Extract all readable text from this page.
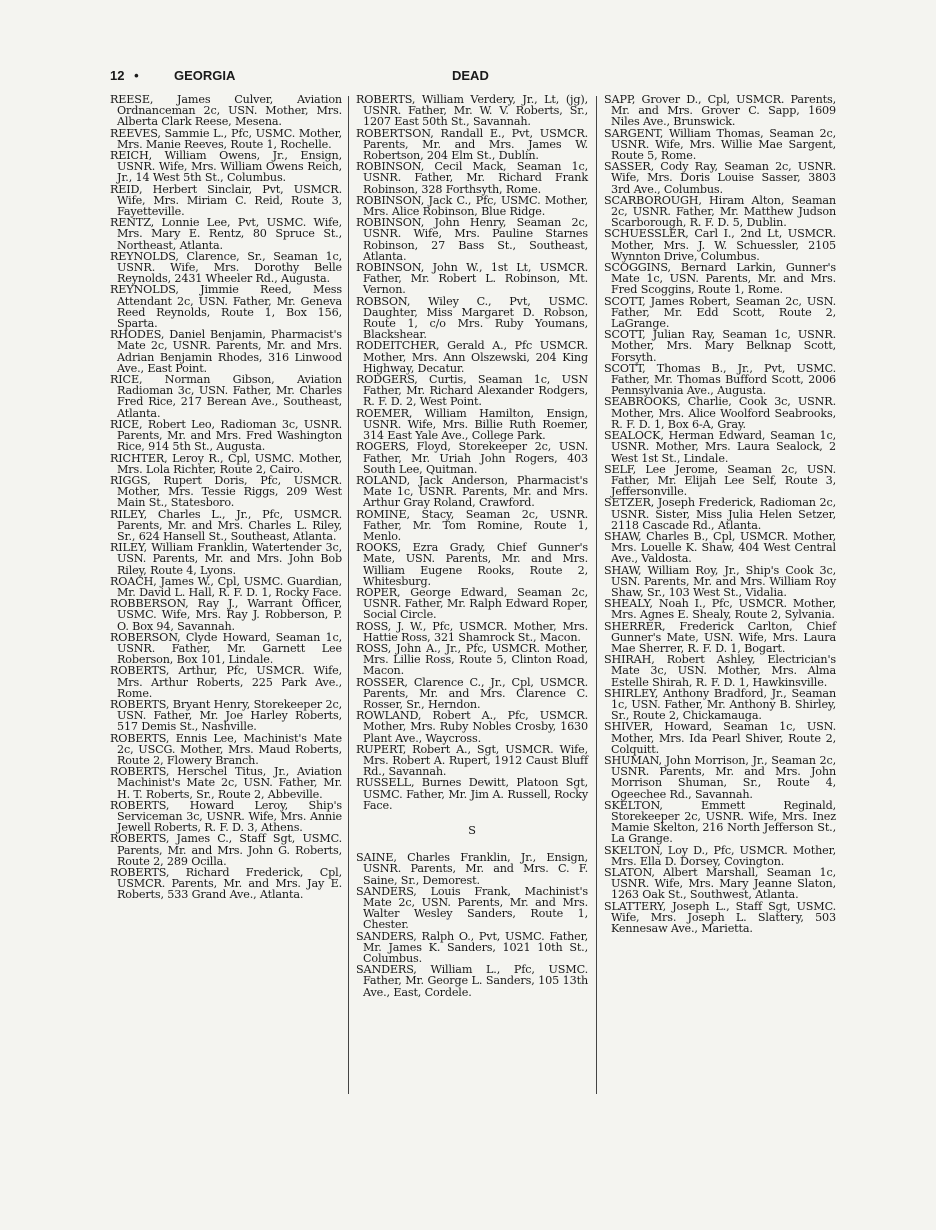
12 •	GEORGIA	DEAD

REESE, James Culver, Aviation Ordnanceman 2c, USN. Mother, Mrs. Alberta Clark Reese, Mesena.

REEVES, Sammie L., Pfc, USMC. Mother, Mrs. Manie Reeves, Route 1, Rochelle.

REICH, William Owens, Jr., Ensign, USNR. Wife, Mrs. William Owens Reich, Jr., 14 West 5th St., Columbus.

REID, Herbert Sinclair, Pvt, USMCR. Wife, Mrs. Miriam C. Reid, Route 3, Fayetteville.

RENTZ, Lonnie Lee, Pvt, USMC. Wife, Mrs. Mary E. Rentz, 80 Spruce St., Northeast, Atlanta.

REYNOLDS, Clarence, Sr., Seaman 1c, USNR. Wife, Mrs. Dorothy Belle Reynolds, 2431 Wheeler Rd., Augusta.

REYNOLDS, Jimmie Reed, Mess Attendant 2c, USN. Father, Mr. Geneva Reed Reynolds, Route 1, Box 156, Sparta.

RHODES, Daniel Benjamin, Pharmacist's Mate 2c, USNR. Parents, Mr. and Mrs. Adrian Benjamin Rhodes, 316 Linwood Ave., East Point.

RICE, Norman Gibson, Aviation Radioman 3c, USN. Father, Mr. Charles Fred Rice, 217 Berean Ave., Southeast, Atlanta.

RICE, Robert Leo, Radioman 3c, USNR. Parents, Mr. and Mrs. Fred Washington Rice, 914 5th St., Augusta.

RICHTER, Leroy R., Cpl, USMC. Mother, Mrs. Lola Richter, Route 2, Cairo.

RIGGS, Rupert Doris, Pfc, USMCR. Mother, Mrs. Tessie Riggs, 209 West Main St., Statesboro.

RILEY, Charles L., Jr., Pfc, USMCR. Parents, Mr. and Mrs. Charles L. Riley, Sr., 624 Hansell St., Southeast, Atlanta.

RILEY, William Franklin, Watertender 3c, USN. Parents, Mr. and Mrs. John Bob Riley, Route 4, Lyons.

ROACH, James W., Cpl, USMC. Guardian, Mr. David L. Hall, R. F. D. 1, Rocky Face.

ROBBERSON, Ray J., Warrant Officer, USMC. Wife, Mrs. Ray J. Robberson, P. O. Box 94, Savannah.

ROBERSON, Clyde Howard, Seaman 1c, USNR. Father, Mr. Garnett Lee Roberson, Box 101, Lindale.

ROBERTS, Arthur, Pfc, USMCR. Wife, Mrs. Arthur Roberts, 225 Park Ave., Rome.

ROBERTS, Bryant Henry, Storekeeper 2c, USN. Father, Mr. Joe Harley Roberts, 517 Demis St., Nashville.

ROBERTS, Ennis Lee, Machinist's Mate 2c, USCG. Mother, Mrs. Maud Roberts, Route 2, Flowery Branch.

ROBERTS, Herschel Titus, Jr., Aviation Machinist's Mate 2c, USN. Father, Mr. H. T. Roberts, Sr., Route 2, Abbeville.

ROBERTS, Howard Leroy, Ship's Serviceman 3c, USNR. Wife, Mrs. Annie Jewell Roberts, R. F. D. 3, Athens.

ROBERTS, James C., Staff Sgt, USMC. Parents, Mr. and Mrs. John G. Roberts, Route 2, 289 Ocilla.

ROBERTS, Richard Frederick, Cpl, USMCR. Parents, Mr. and Mrs. Jay E. Roberts, 533 Grand Ave., Atlanta.

ROBERTS, William Verdery, Jr., Lt, (jg), USNR. Father, Mr. W. V. Roberts, Sr., 1207 East 50th St., Savannah.

ROBERTSON, Randall E., Pvt, USMCR. Parents, Mr. and Mrs. James W. Robertson, 204 Elm St., Dublin.

ROBINSON, Cecil Mack, Seaman 1c, USNR. Father, Mr. Richard Frank Robinson, 328 Forthsyth, Rome.

ROBINSON, Jack C., Pfc, USMC. Mother, Mrs. Alice Robinson, Blue Ridge.

ROBINSON, John Henry, Seaman 2c, USNR. Wife, Mrs. Pauline Starnes Robinson, 27 Bass St., Southeast, Atlanta.

ROBINSON, John W., 1st Lt, USMCR. Father, Mr. Robert L. Robinson, Mt. Vernon.

ROBSON, Wiley C., Pvt, USMC. Daughter, Miss Margaret D. Robson, Route 1, c/o Mrs. Ruby Youmans, Blackshear.

RODEITCHER, Gerald A., Pfc USMCR. Mother, Mrs. Ann Olszewski, 204 King Highway, Decatur.

RODGERS, Curtis, Seaman 1c, USN Father, Mr. Richard Alexander Rodgers, R. F. D. 2, West Point.

ROEMER, William Hamilton, Ensign, USNR. Wife, Mrs. Billie Ruth Roemer, 314 East Yale Ave., College Park.

ROGERS, Floyd, Storekeeper 2c, USN. Father, Mr. Uriah John Rogers, 403 South Lee, Quitman.

ROLAND, Jack Anderson, Pharmacist's Mate 1c, USNR. Parents, Mr. and Mrs. Arthur Gray Roland, Crawford.

ROMINE, Stacy, Seaman 2c, USNR. Father, Mr. Tom Romine, Route 1, Menlo.

ROOKS, Ezra Grady, Chief Gunner's Mate, USN. Parents, Mr. and Mrs. William Eugene Rooks, Route 2, Whitesburg.

ROPER, George Edward, Seaman 2c, USNR. Father, Mr. Ralph Edward Roper, Social Circle.

ROSS, J. W., Pfc, USMCR. Mother, Mrs. Hattie Ross, 321 Shamrock St., Macon.

ROSS, John A., Jr., Pfc, USMCR. Mother, Mrs. Lillie Ross, Route 5, Clinton Road, Macon.

ROSSER, Clarence C., Jr., Cpl, USMCR. Parents, Mr. and Mrs. Clarence C. Rosser, Sr., Herndon.

ROWLAND, Robert A., Pfc, USMCR. Mother, Mrs. Ruby Nobles Crosby, 1630 Plant Ave., Waycross.

RUPERT, Robert A., Sgt, USMCR. Wife, Mrs. Robert A. Rupert, 1912 Caust Bluff Rd., Savannah.

RUSSELL, Burnes Dewitt, Platoon Sgt, USMC. Father, Mr. Jim A. Russell, Rocky Face.

S

SAINE, Charles Franklin, Jr., Ensign, USNR. Parents, Mr. and Mrs. C. F. Saine, Sr., Demorest.

SANDERS, Louis Frank, Machinist's Mate 2c, USN. Parents, Mr. and Mrs. Walter Wesley Sanders, Route 1, Chester.

SANDERS, Ralph O., Pvt, USMC. Father, Mr. James K. Sanders, 1021 10th St., Columbus.

SANDERS, William L., Pfc, USMC. Father, Mr. George L. Sanders, 105 13th Ave., East, Cordele.

SAPP, Grover D., Cpl, USMCR. Parents, Mr. and Mrs. Grover C. Sapp, 1609 Niles Ave., Brunswick.

SARGENT, William Thomas, Seaman 2c, USNR. Wife, Mrs. Willie Mae Sargent, Route 5, Rome.

SASSER, Cody Ray, Seaman 2c, USNR. Wife, Mrs. Doris Louise Sasser, 3803 3rd Ave., Columbus.

SCARBOROUGH, Hiram Alton, Seaman 2c, USNR. Father, Mr. Matthew Judson Scarborough, R. F. D. 5, Dublin.

SCHUESSLER, Carl I., 2nd Lt, USMCR. Mother, Mrs. J. W. Schuessler, 2105 Wynnton Drive, Columbus.

SCOGGINS, Bernard Larkin, Gunner's Mate 1c, USN. Parents, Mr. and Mrs. Fred Scoggins, Route 1, Rome.

SCOTT, James Robert, Seaman 2c, USN. Father, Mr. Edd Scott, Route 2, LaGrange.

SCOTT, Julian Ray, Seaman 1c, USNR. Mother, Mrs. Mary Belknap Scott, Forsyth.

SCOTT, Thomas B., Jr., Pvt, USMC. Father, Mr. Thomas Bufford Scott, 2006 Pennsylvania Ave., Augusta.

SEABROOKS, Charlie, Cook 3c, USNR. Mother, Mrs. Alice Woolford Seabrooks, R. F. D. 1, Box 6-A, Gray.

SEALOCK, Herman Edward, Seaman 1c, USNR. Mother, Mrs. Laura Sealock, 2 West 1st St., Lindale.

SELF, Lee Jerome, Seaman 2c, USN. Father, Mr. Elijah Lee Self, Route 3, Jeffersonville.

SETZER, Joseph Frederick, Radioman 2c, USNR. Sister, Miss Julia Helen Setzer, 2118 Cascade Rd., Atlanta.

SHAW, Charles B., Cpl, USMCR. Mother, Mrs. Louelle K. Shaw, 404 West Central Ave., Valdosta.

SHAW, William Roy, Jr., Ship's Cook 3c, USN. Parents, Mr. and Mrs. William Roy Shaw, Sr., 103 West St., Vidalia.

SHEALY, Noah I., Pfc, USMCR. Mother, Mrs. Agnes E. Shealy, Route 2, Sylvania.

SHERRER, Frederick Carlton, Chief Gunner's Mate, USN. Wife, Mrs. Laura Mae Sherrer, R. F. D. 1, Bogart.

SHIRAH, Robert Ashley, Electrician's Mate 3c, USN. Mother, Mrs. Alma Estelle Shirah, R. F. D. 1, Hawkinsville.

SHIRLEY, Anthony Bradford, Jr., Seaman 1c, USN. Father, Mr. Anthony B. Shirley, Sr., Route 2, Chickamauga.

SHIVER, Howard, Seaman 1c, USN. Mother, Mrs. Ida Pearl Shiver, Route 2, Colquitt.

SHUMAN, John Morrison, Jr., Seaman 2c, USNR. Parents, Mr. and Mrs. John Morrison Shuman, Sr., Route 4, Ogeechee Rd., Savannah.

SKELTON, Emmett Reginald, Storekeeper 2c, USNR. Wife, Mrs. Inez Mamie Skelton, 216 North Jefferson St., La Grange.

SKELTON, Loy D., Pfc, USMCR. Mother, Mrs. Ella D. Dorsey, Covington.

SLATON, Albert Marshall, Seaman 1c, USNR. Wife, Mrs. Mary Jeanne Slaton, 1263 Oak St., Southwest, Atlanta.

SLATTERY, Joseph L., Staff Sgt, USMC. Wife, Mrs. Joseph L. Slattery, 503 Kennesaw Ave., Marietta.
